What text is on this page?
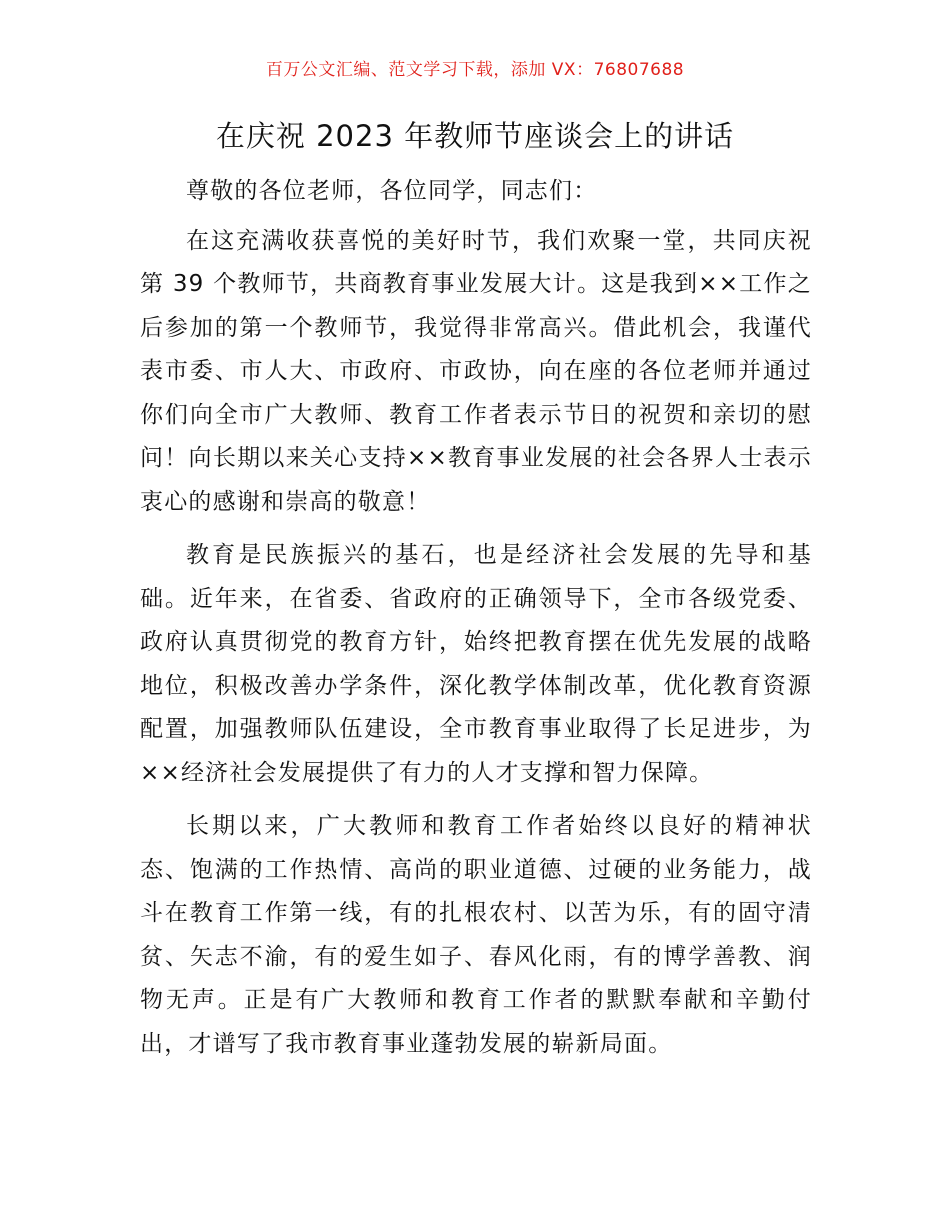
百万公文汇编、范文学习下载，添加 VX：76807688
在庆祝 2023 年教师节座谈会上的讲话

尊敬的各位老师，各位同学，同志们：

在这充满收获喜悦的美好时节，我们欢聚一堂，共同庆祝第 39 个教师节，共商教育事业发展大计。这是我到××工作之后参加的第一个教师节，我觉得非常高兴。借此机会，我谨代表市委、市人大、市政府、市政协，向在座的各位老师并通过你们向全市广大教师、教育工作者表示节日的祝贺和亲切的慰问！向长期以来关心支持××教育事业发展的社会各界人士表示衷心的感谢和崇高的敬意！

教育是民族振兴的基石，也是经济社会发展的先导和基础。近年来，在省委、省政府的正确领导下，全市各级党委、政府认真贯彻党的教育方针，始终把教育摆在优先发展的战略地位，积极改善办学条件，深化教学体制改革，优化教育资源配置，加强教师队伍建设，全市教育事业取得了长足进步，为××经济社会发展提供了有力的人才支撑和智力保障。

长期以来，广大教师和教育工作者始终以良好的精神状态、饱满的工作热情、高尚的职业道德、过硬的业务能力，战斗在教育工作第一线，有的扎根农村、以苦为乐，有的固守清贫、矢志不渝，有的爱生如子、春风化雨，有的博学善教、润物无声。正是有广大教师和教育工作者的默默奉献和辛勤付出，才谱写了我市教育事业蓬勃发展的崭新局面。
